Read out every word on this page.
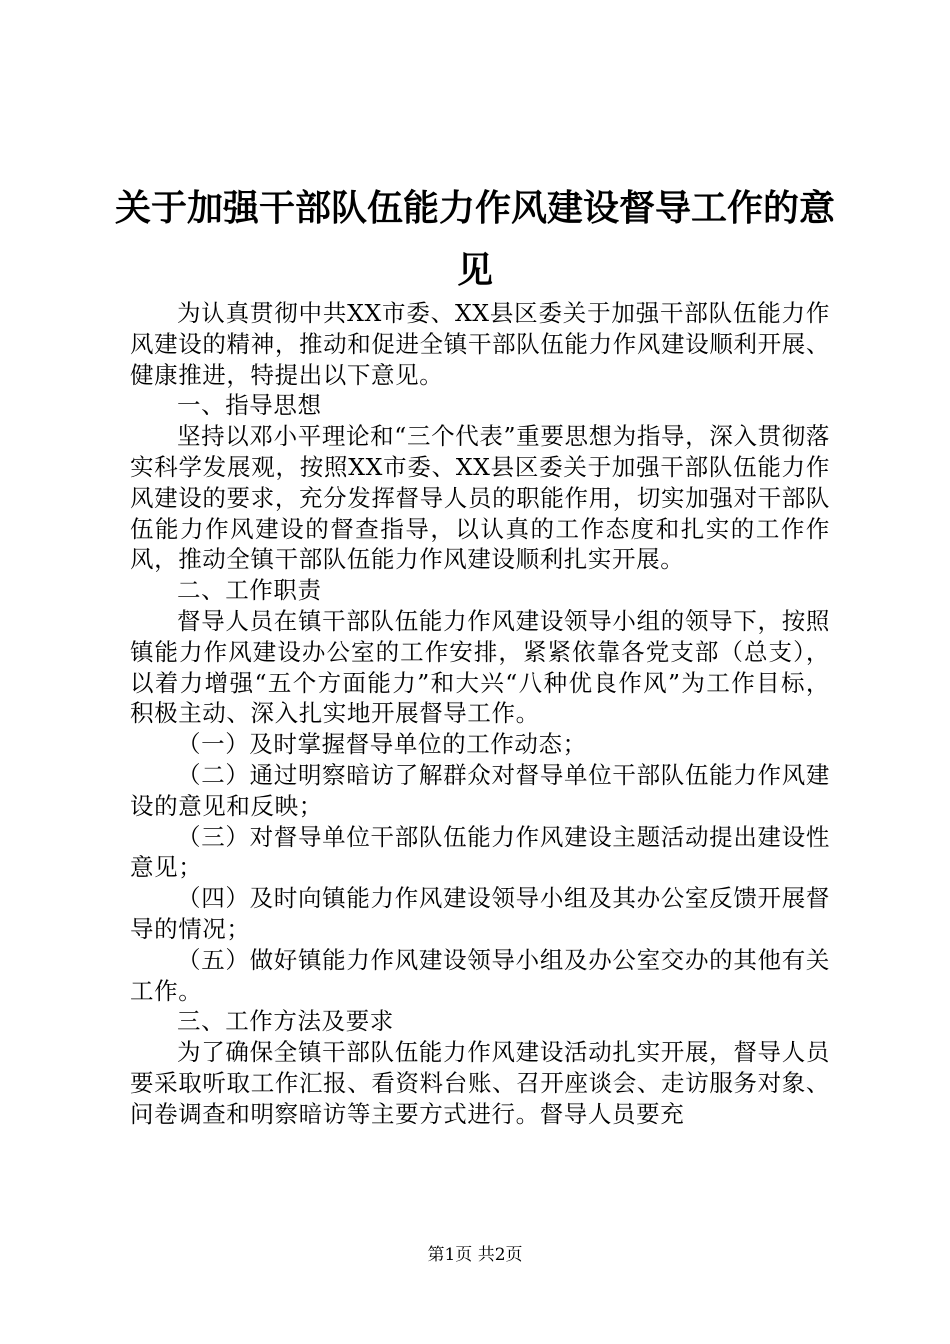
关于加强干部队伍能力作风建设督导工作的意
见

为认真贯彻中共XX市委、XX县区委关于加强干部队伍能力作风建设的精神，推动和促进全镇干部队伍能力作风建设顺利开展、健康推进，特提出以下意见。

一、指导思想

坚持以邓小平理论和“三个代表”重要思想为指导，深入贯彻落实科学发展观，按照XX市委、XX县区委关于加强干部队伍能力作风建设的要求，充分发挥督导人员的职能作用，切实加强对干部队伍能力作风建设的督查指导，以认真的工作态度和扎实的工作作风，推动全镇干部队伍能力作风建设顺利扎实开展。

二、工作职责

督导人员在镇干部队伍能力作风建设领导小组的领导下，按照镇能力作风建设办公室的工作安排，紧紧依靠各党支部（总支），以着力增强“五个方面能力”和大兴“八种优良作风”为工作目标，积极主动、深入扎实地开展督导工作。

（一）及时掌握督导单位的工作动态；

（二）通过明察暗访了解群众对督导单位干部队伍能力作风建设的意见和反映；

（三）对督导单位干部队伍能力作风建设主题活动提出建设性意见；

（四）及时向镇能力作风建设领导小组及其办公室反馈开展督导的情况；

（五）做好镇能力作风建设领导小组及办公室交办的其他有关工作。

三、工作方法及要求

为了确保全镇干部队伍能力作风建设活动扎实开展，督导人员要采取听取工作汇报、看资料台账、召开座谈会、走访服务对象、问卷调查和明察暗访等主要方式进行。督导人员要充

第1页 共2页
